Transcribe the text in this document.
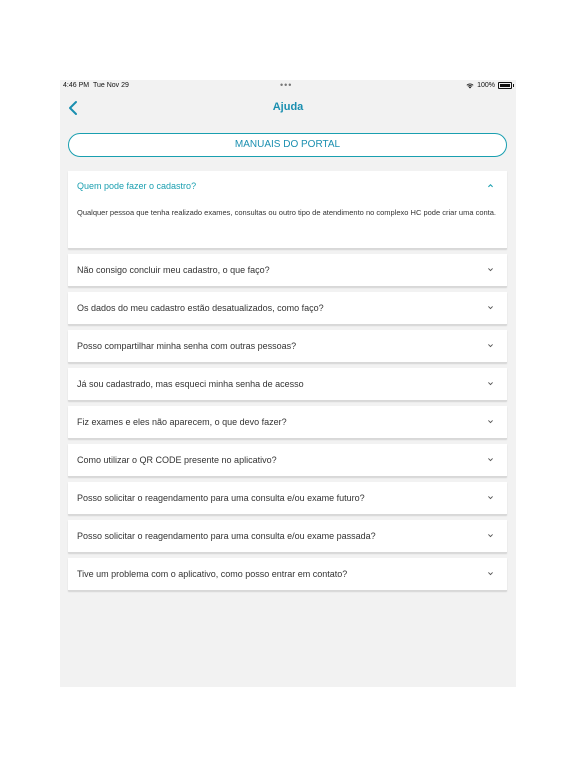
4:46 PM Tue Nov 29	•••	100%
Ajuda
MANUAIS DO PORTAL
Quem pode fazer o cadastro?
Qualquer pessoa que tenha realizado exames, consultas ou outro tipo de atendimento no complexo HC pode criar uma conta.
Não consigo concluir meu cadastro, o que faço?
Os dados do meu cadastro estão desatualizados, como faço?
Posso compartilhar minha senha com outras pessoas?
Já sou cadastrado, mas esqueci minha senha de acesso
Fiz exames e eles não aparecem, o que devo fazer?
Como utilizar o QR CODE presente no aplicativo?
Posso solicitar o reagendamento para uma consulta e/ou exame futuro?
Posso solicitar o reagendamento para uma consulta e/ou exame passada?
Tive um problema com o aplicativo, como posso entrar em contato?
